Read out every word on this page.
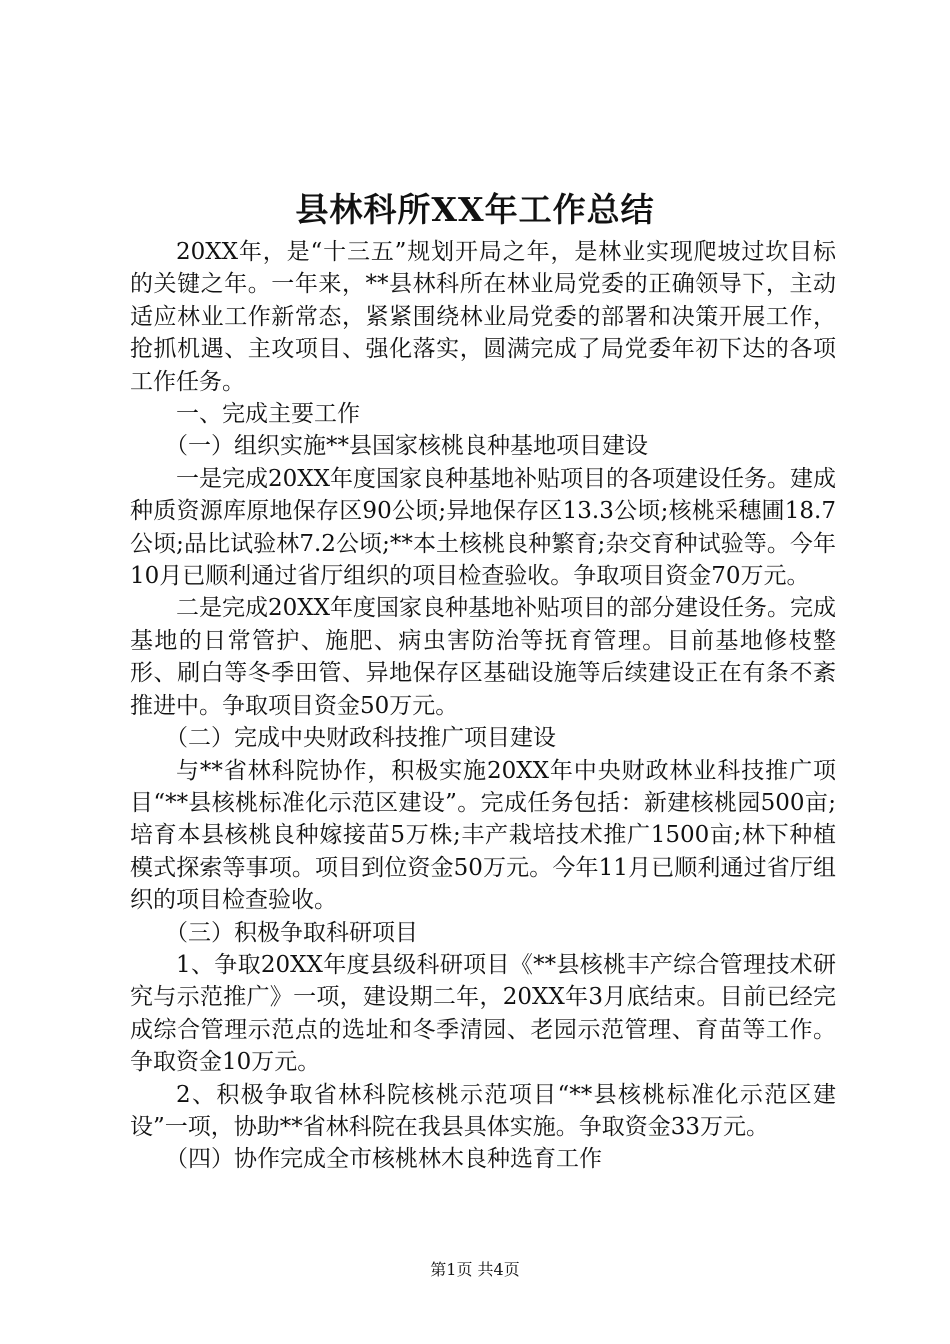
县林科所XX年工作总结

20XX年，是“十三五”规划开局之年，是林业实现爬坡过坎目标的关键之年。一年来，**县林科所在林业局党委的正确领导下，主动适应林业工作新常态，紧紧围绕林业局党委的部署和决策开展工作，抢抓机遇、主攻项目、强化落实，圆满完成了局党委年初下达的各项工作任务。

一、完成主要工作

（一）组织实施**县国家核桃良种基地项目建设

一是完成20XX年度国家良种基地补贴项目的各项建设任务。建成种质资源库原地保存区90公顷;异地保存区13.3公顷;核桃采穗圃18.7公顷;品比试验林7.2公顷;**本土核桃良种繁育;杂交育种试验等。今年10月已顺利通过省厅组织的项目检查验收。争取项目资金70万元。

二是完成20XX年度国家良种基地补贴项目的部分建设任务。完成基地的日常管护、施肥、病虫害防治等抚育管理。目前基地修枝整形、刷白等冬季田管、异地保存区基础设施等后续建设正在有条不紊推进中。争取项目资金50万元。

（二）完成中央财政科技推广项目建设

与**省林科院协作，积极实施20XX年中央财政林业科技推广项目“**县核桃标准化示范区建设”。完成任务包括：新建核桃园500亩;培育本县核桃良种嫁接苗5万株;丰产栽培技术推广1500亩;林下种植模式探索等事项。项目到位资金50万元。今年11月已顺利通过省厅组织的项目检查验收。

（三）积极争取科研项目

1、争取20XX年度县级科研项目《**县核桃丰产综合管理技术研究与示范推广》一项，建设期二年，20XX年3月底结束。目前已经完成综合管理示范点的选址和冬季清园、老园示范管理、育苗等工作。争取资金10万元。

2、积极争取省林科院核桃示范项目“**县核桃标准化示范区建设”一项，协助**省林科院在我县具体实施。争取资金33万元。

（四）协作完成全市核桃林木良种选育工作

第1页 共4页
